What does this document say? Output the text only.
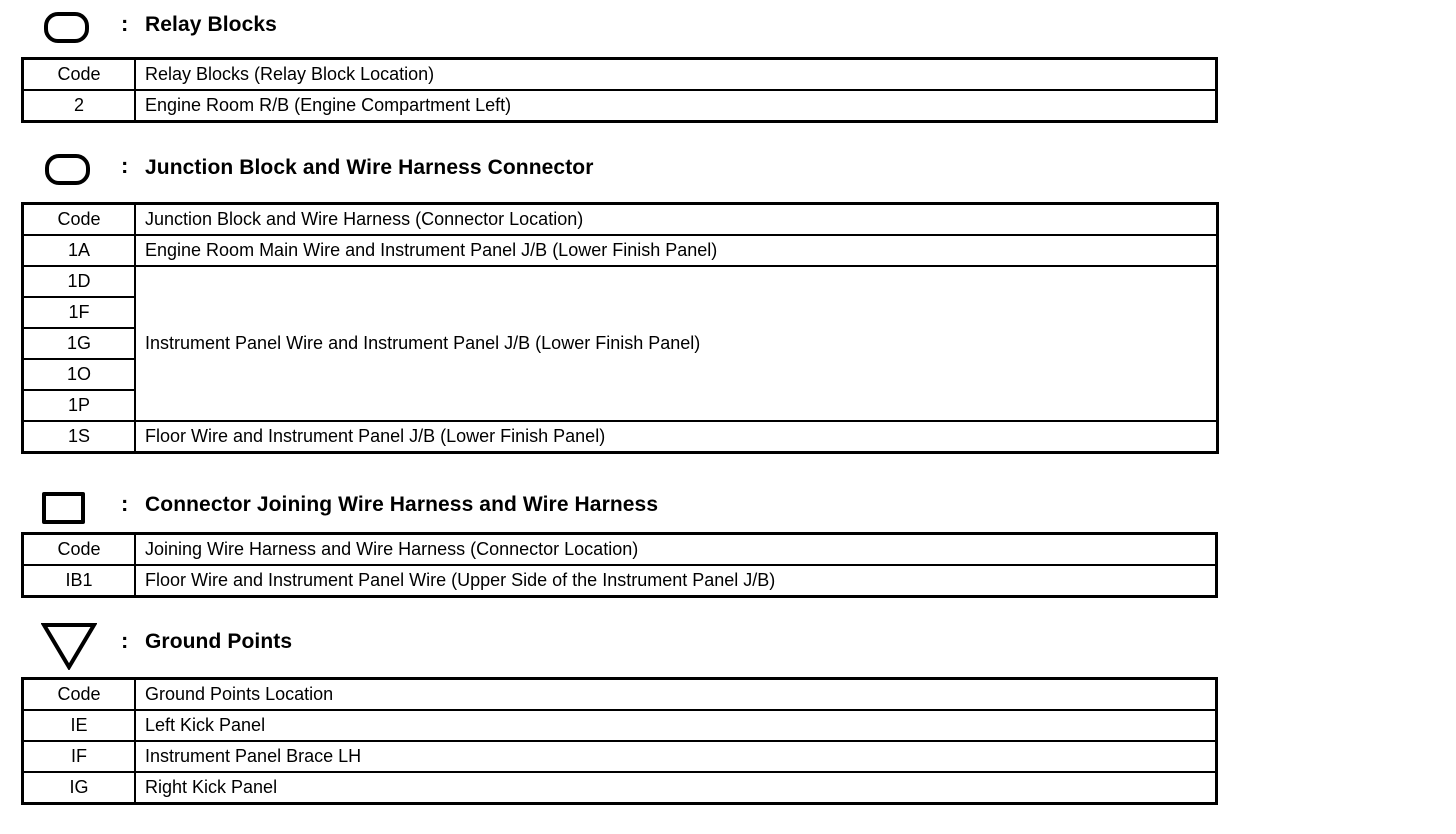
: Relay Blocks
Code	Relay Blocks (Relay Block Location)
2	Engine Room R/B (Engine Compartment Left)
: Junction Block and Wire Harness Connector
Code	Junction Block and Wire Harness (Connector Location)
1A	Engine Room Main Wire and Instrument Panel J/B (Lower Finish Panel)
1D	Instrument Panel Wire and Instrument Panel J/B (Lower Finish Panel)
1F	
1G	
1O	
1P	
1S	Floor Wire and Instrument Panel J/B (Lower Finish Panel)
: Connector Joining Wire Harness and Wire Harness
Code	Joining Wire Harness and Wire Harness (Connector Location)
IB1	Floor Wire and Instrument Panel Wire (Upper Side of the Instrument Panel J/B)
: Ground Points
Code	Ground Points Location
IE	Left Kick Panel
IF	Instrument Panel Brace LH
IG	Right Kick Panel
